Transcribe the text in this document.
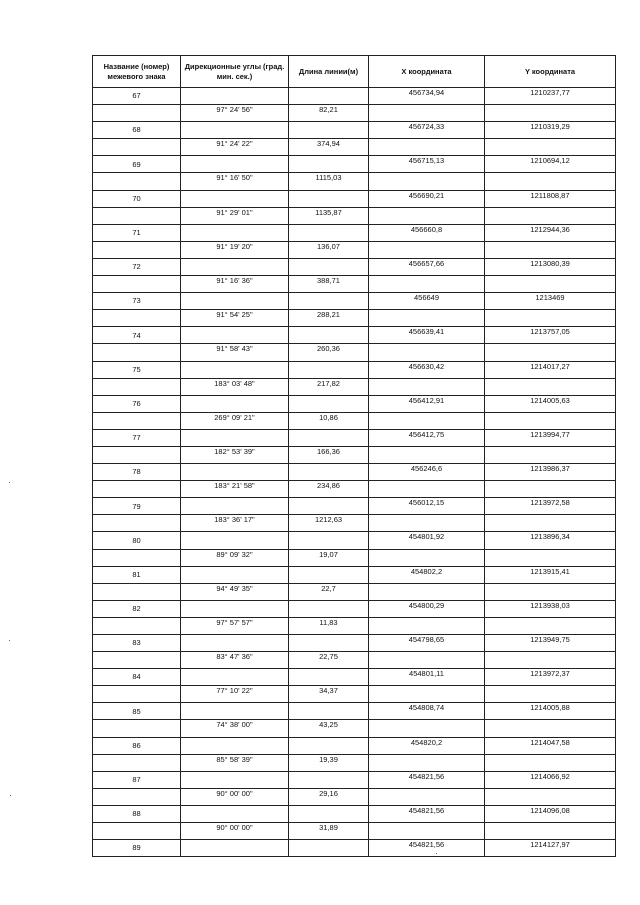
Название (номер) межевого знака	Дирекционные углы (град. мин. сек.)	Длина линии(м)	X координата	Y координата
67			456734,94	1210237,77
	97° 24' 56"	82,21		
68			456724,33	1210319,29
	91° 24' 22"	374,94		
69			456715,13	1210694,12
	91° 16' 50"	1115,03		
70			456690,21	1211808,87
	91° 29' 01"	1135,87		
71			456660,8	1212944,36
	91° 19' 20"	136,07		
72			456657,66	1213080,39
	91° 16' 36"	388,71		
73			456649	1213469
	91° 54' 25"	288,21		
74			456639,41	1213757,05
	91° 58' 43"	260,36		
75			456630,42	1214017,27
	183° 03' 48"	217,82		
76			456412,91	1214005,63
	269° 09' 21"	10,86		
77			456412,75	1213994,77
	182° 53' 39"	166,36		
78			456246,6	1213986,37
	183° 21' 58"	234,86		
79			456012,15	1213972,58
	183° 36' 17"	1212,63		
80			454801,92	1213896,34
	89° 09' 32"	19,07		
81			454802,2	1213915,41
	94° 49' 35"	22,7		
82			454800,29	1213938,03
	97° 57' 57"	11,83		
83			454798,65	1213949,75
	83° 47' 36"	22,75		
84			454801,11	1213972,37
	77° 10' 22"	34,37		
85			454808,74	1214005,88
	74° 38' 00"	43,25		
86			454820,2	1214047,58
	85° 58' 39"	19,39		
87			454821,56	1214066,92
	90° 00' 00"	29,16		
88			454821,56	1214096,08
	90° 00' 00"	31,89		
89			454821,56	1214127,97
